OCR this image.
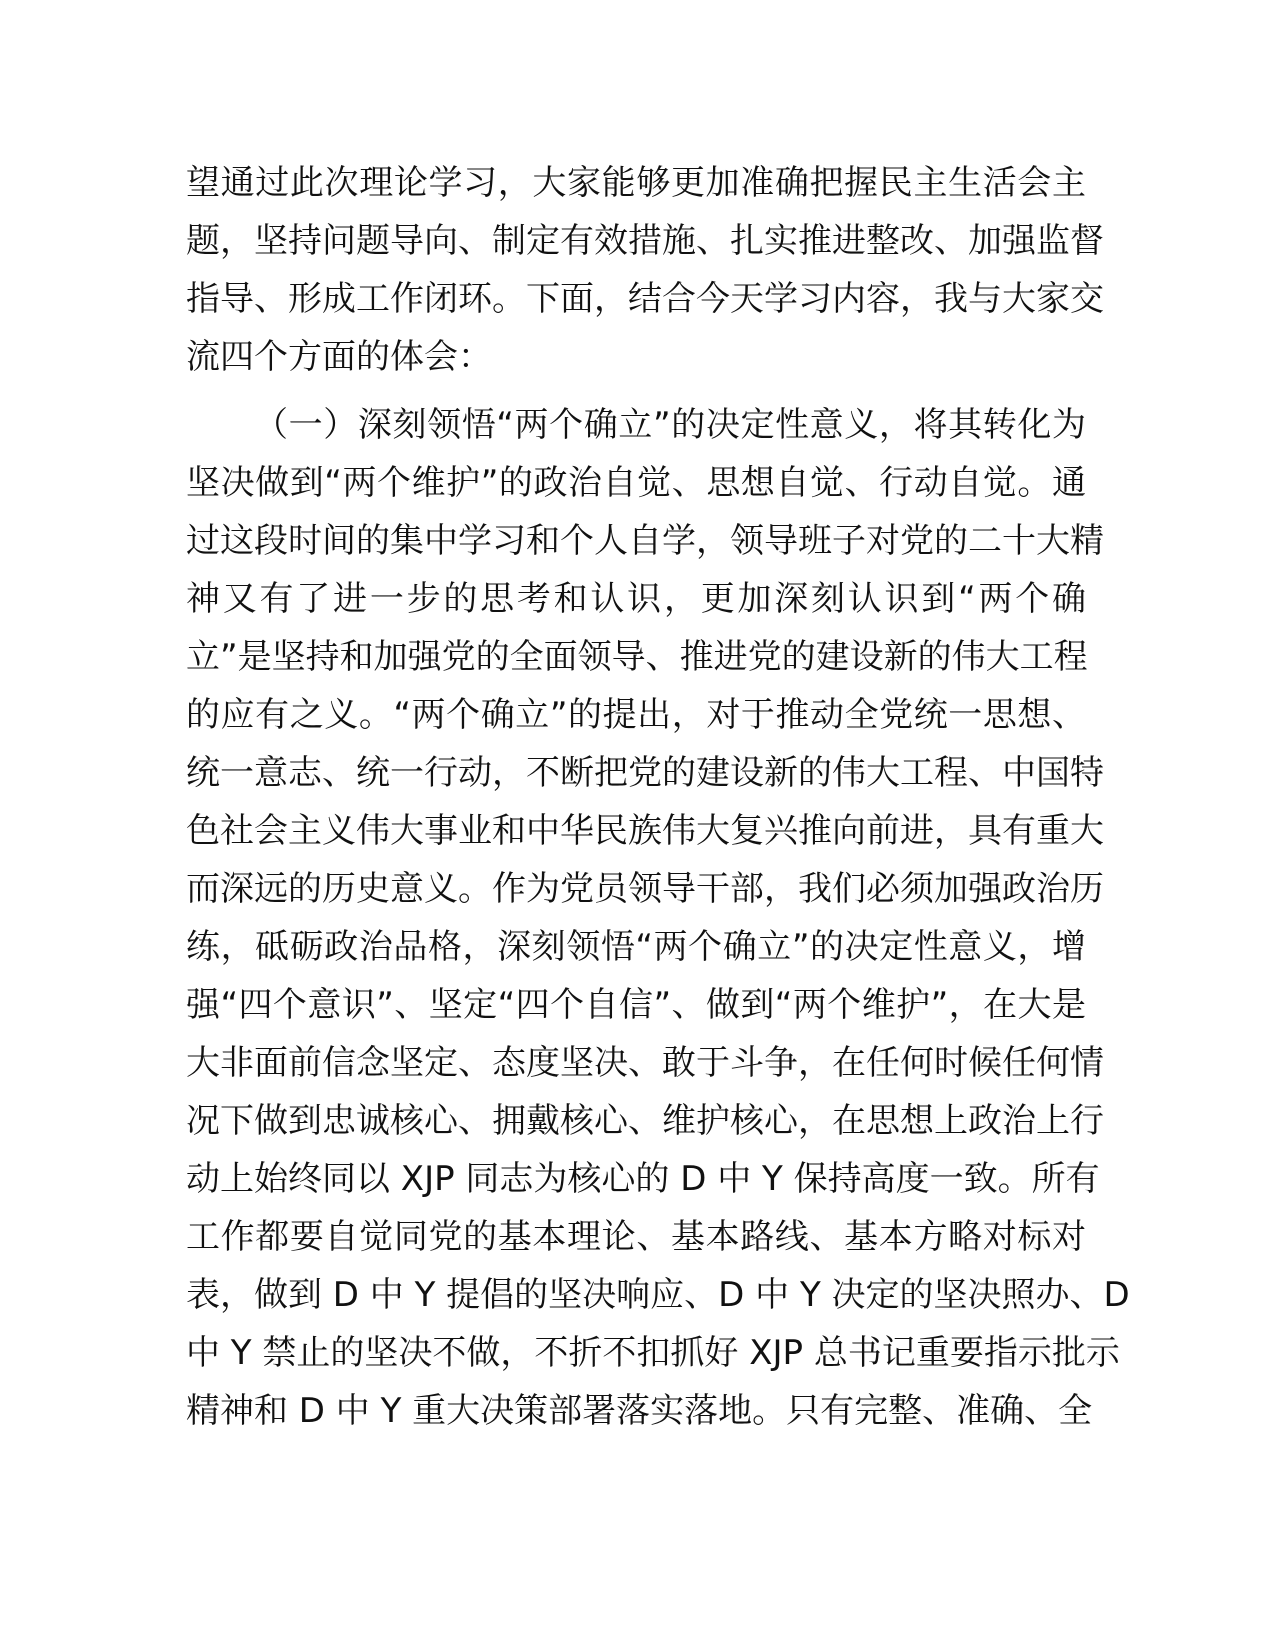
望通过此次理论学习，大家能够更加准确把握民主生活会主
题，坚持问题导向、制定有效措施、扎实推进整改、加强监督
指导、形成工作闭环。下面，结合今天学习内容，我与大家交
流四个方面的体会：
（一）深刻领悟“两个确立”的决定性意义，将其转化为
坚决做到“两个维护”的政治自觉、思想自觉、行动自觉。通
过这段时间的集中学习和个人自学，领导班子对党的二十大精
神又有了进一步的思考和认识，更加深刻认识到“两个确
立”是坚持和加强党的全面领导、推进党的建设新的伟大工程
的应有之义。“两个确立”的提出，对于推动全党统一思想、
统一意志、统一行动，不断把党的建设新的伟大工程、中国特
色社会主义伟大事业和中华民族伟大复兴推向前进，具有重大
而深远的历史意义。作为党员领导干部，我们必须加强政治历
练，砥砺政治品格，深刻领悟“两个确立”的决定性意义，增
强“四个意识”、坚定“四个自信”、做到“两个维护”，在大是
大非面前信念坚定、态度坚决、敢于斗争，在任何时候任何情
况下做到忠诚核心、拥戴核心、维护核心，在思想上政治上行
动上始终同以 XJP 同志为核心的 D 中 Y 保持高度一致。所有
工作都要自觉同党的基本理论、基本路线、基本方略对标对
表，做到 D 中 Y 提倡的坚决响应、D 中 Y 决定的坚决照办、D
中 Y 禁止的坚决不做，不折不扣抓好 XJP 总书记重要指示批示
精神和 D 中 Y 重大决策部署落实落地。只有完整、准确、全
